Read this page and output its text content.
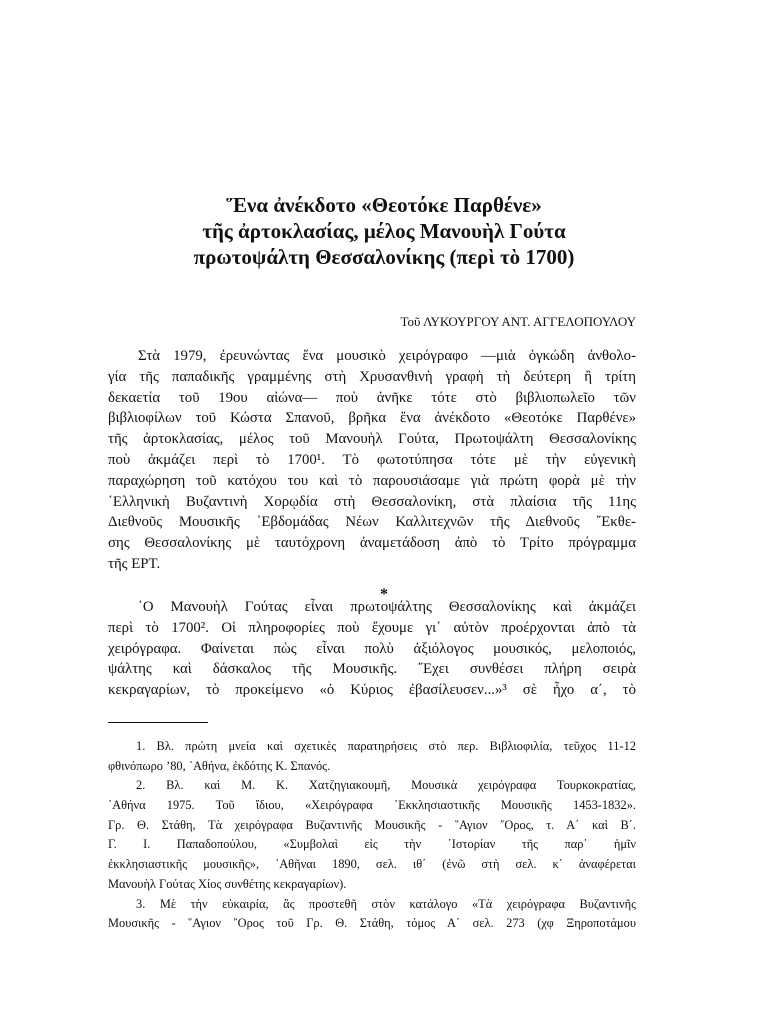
Ἕνα ἀνέκδοτο «Θεοτόκε Παρθένε»
τῆς ἀρτοκλασίας, μέλος Μανουὴλ Γούτα
πρωτοψάλτη Θεσσαλονίκης (περὶ τὸ 1700)
Τοῦ ΛΥΚΟΥΡΓΟΥ ΑΝΤ. ΑΓΓΕΛΟΠΟΥΛΟΥ
Στὰ 1979, ἐρευνώντας ἕνα μουσικὸ χειρόγραφο —μιὰ ὀγκώδη ἀνθολο-
γία τῆς παπαδικῆς γραμμένης στὴ Χρυσανθινὴ γραφὴ τὴ δεύτερη ἢ τρίτη
δεκαετία τοῦ 19ου αἰώνα— ποὺ ἀνῆκε τότε στὸ βιβλιοπωλεῖο τῶν
βιβλιοφίλων τοῦ Κώστα Σπανοῦ, βρῆκα ἕνα ἀνέκδοτο «Θεοτόκε Παρθένε»
τῆς ἀρτοκλασίας, μέλος τοῦ Μανουὴλ Γούτα, Πρωτοψάλτη Θεσσαλονίκης
ποὺ ἀκμάζει περὶ τὸ 1700¹. Τὸ φωτοτύπησα τότε μὲ τὴν εὐγενικὴ
παραχώρηση τοῦ κατόχου του καὶ τὸ παρουσιάσαμε γιὰ πρώτη φορὰ μὲ τὴν
῾Ελληνικὴ Βυζαντινὴ Χορῳδία στὴ Θεσσαλονίκη, στὰ πλαίσια τῆς 11ης
Διεθνοῦς Μουσικῆς ᾿Εβδομάδας Νέων Καλλιτεχνῶν τῆς Διεθνοῦς ῎Εκθε-
σης Θεσσαλονίκης μὲ ταυτόχρονη ἀναμετάδοση ἀπὸ τὸ Τρίτο πρόγραμμα
τῆς ΕΡΤ.
*
῾Ο Μανουὴλ Γούτας εἶναι πρωτοψάλτης Θεσσαλονίκης καὶ ἀκμάζει
περὶ τὸ 1700². Οἱ πληροφορίες ποὺ ἔχουμε γι᾿ αὐτὸν προέρχονται ἀπὸ τὰ
χειρόγραφα. Φαίνεται πὼς εἶναι πολὺ ἀξιόλογος μουσικός, μελοποιός,
ψάλτης καὶ δάσκαλος τῆς Μουσικῆς. ῎Εχει συνθέσει πλήρη σειρὰ
κεκραγαρίων, τὸ προκείμενο «ὁ Κύριος ἐβασίλευσεν...»³ σὲ ἦχο α΄, τὸ
1. Βλ. πρώτη μνεία καὶ σχετικὲς παρατηρήσεις στὸ περ. Βιβλιοφιλία, τεῦχος 11-12
φθινόπωρο ’80, ᾿Αθήνα, ἐκδότης Κ. Σπανός.
2. Βλ. καὶ Μ. Κ. Χατζηγιακουμῆ, Μουσικὰ χειρόγραφα Τουρκοκρατίας,
᾿Αθήνα 1975. Τοῦ ἴδιου, «Χειρόγραφα ᾿Εκκλησιαστικῆς Μουσικῆς 1453-1832».
Γρ. Θ. Στάθη, Τὰ χειρόγραφα Βυζαντινῆς Μουσικῆς - ῞Αγιον ῎Ορος, τ. Α΄ καὶ Β΄.
Γ. Ι. Παπαδοπούλου, «Συμβολαὶ εἰς τὴν ῾Ιστορίαν τῆς παρ᾿ ἡμῖν
ἐκκλησιαστικῆς μουσικῆς», ᾿Αθῆναι 1890, σελ. ιθ΄ (ἐνῶ στὴ σελ. κ΄ ἀναφέρεται
Μανουὴλ Γούτας Χίος συνθέτης κεκραγαρίων).
3. Μὲ τὴν εὐκαιρία, ἂς προστεθῆ στὸν κατάλογο «Τὰ χειρόγραφα Βυζαντινῆς
Μουσικῆς - ῞Αγιον ῎Ορος τοῦ Γρ. Θ. Στάθη, τόμος Α΄ σελ. 273 (χφ Ξηροποτάμου
